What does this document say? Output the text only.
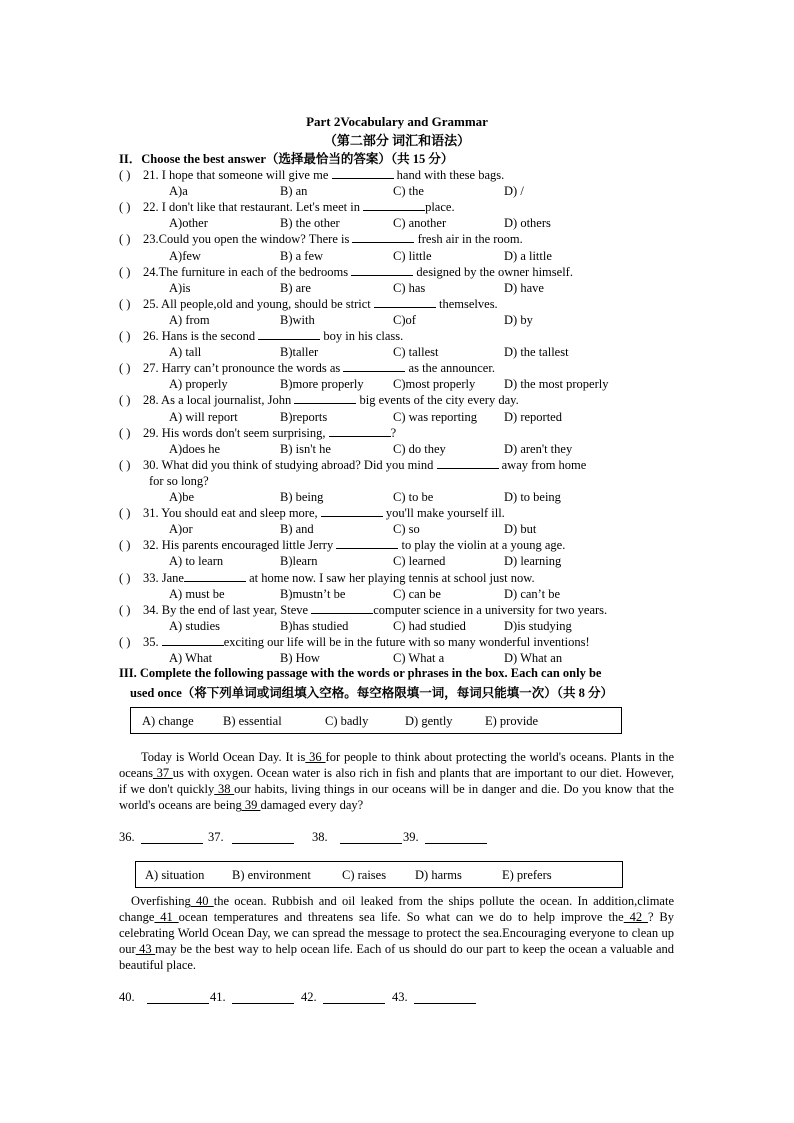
Part 2Vocabulary and Grammar
（第二部分 词汇和语法）
II．Choose the best answer（选择最恰当的答案）（共 15 分）
( ) 21. I hope that someone will give me	hand with these bags.
A)a	B) an	C) the	D) /
( ) 22. I don't like that restaurant. Let's meet in	place.
A)other	B) the other	C) another	D) others
( ) 23.Could you open the window? There is	fresh air in the room.
A)few	B) a few	C) little	D) a little
( ) 24.The furniture in each of the bedrooms	designed by the owner himself.
A)is	B) are	C) has	D) have
( ) 25. All people,old and young, should be strict	themselves.
A) from	B)with	C)of	D) by
( ) 26. Hans is the second	boy in his class.
A) tall	B)taller	C) tallest	D) the tallest
( ) 27. Harry can’t pronounce the words as	as the announcer.
A) properly	B)more properly C)most properly D) the most properly
( ) 28. As a local journalist, John	big events of the city every day.
A) will report	B)reports	C) was reporting D) reported
( ) 29. His words don't seem surprising,	?
A)does he	B) isn't he	C) do they	D) aren't they
( ) 30. What did you think of studying abroad? Did you mind	away from home
for so long?
A)be	B) being	C) to be	D) to being
( ) 31. You should eat and sleep more,	you'll make yourself ill.
A)or	B) and	C) so	D) but
( ) 32. His parents encouraged little Jerry	to play the violin at a young age.
A) to learn	B)learn	C) learned	D) learning
( ) 33. Jane	at home now. I saw her playing tennis at school just now.
A) must be	B)mustn’t be	C) can be	D) can’t be
( ) 34. By the end of last year, Steve	computer science in a university for two years.
A) studies	B)has studied	C) had studied	D)is studying
( ) 35.	exciting our life will be in the future with so many wonderful inventions!
A) What	B) How	C) What a	D) What an
III. Complete the following passage with the words or phrases in the box. Each can only be
used once（将下列单词或词组填入空格。每空格限填一词，每词只能填一次）（共 8 分）
A) change B) essential	C) badly	D) gently	E) provide
Today is World Ocean Day. It is 36 for people to think about protecting the world's oceans. Plants in the oceans 37 us with oxygen. Ocean water is also rich in fish and plants that are important to our diet. However, if we don't quickly 38 our habits, living things in our oceans will be in danger and die. Do you know that the world's oceans are being 39 damaged every day?
36.	37.	38.	39.
A) situation B) environment C) raises D) harms	E) prefers
Overfishing 40 the ocean. Rubbish and oil leaked from the ships pollute the ocean. In addition,climate change 41 ocean temperatures and threatens sea life. So what can we do to help improve the 42 ? By celebrating World Ocean Day, we can spread the message to protect the sea.Encouraging everyone to clean up our 43 may be the best way to help ocean life. Each of us should do our part to keep the ocean a valuable and beautiful place.
40.	41.	42.	43.
